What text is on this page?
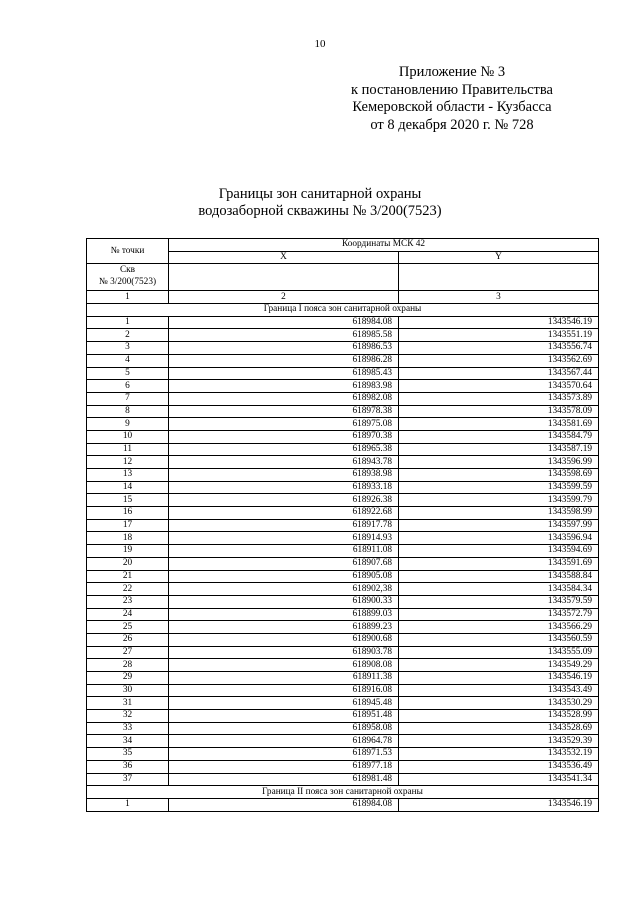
10
Приложение № 3
к постановлению Правительства
Кемеровской области - Кузбасса
от 8 декабря 2020 г. № 728
Границы зон санитарной охраны
водозаборной скважины № 3/200(7523)
№ точки	Координаты МСК 42	
	X	Y

Скв
№ 3/200(7523)		

1	2	3
Граница I пояса зон санитарной охраны		
1	618984.08	1343546.19
2	618985.58	1343551.19
3	618986.53	1343556.74
4	618986.28	1343562.69
5	618985.43	1343567.44
6	618983.98	1343570.64
7	618982.08	1343573.89
8	618978.38	1343578.09
9	618975.08	1343581.69
10	618970.38	1343584.79
11	618965.38	1343587.19
12	618943.78	1343596.99
13	618938.98	1343598.69
14	618933.18	1343599.59
15	618926.38	1343599.79
16	618922.68	1343598.99
17	618917.78	1343597.99
18	618914.93	1343596.94
19	618911.08	1343594.69
20	618907.68	1343591.69
21	618905.08	1343588.84
22	618902,38	1343584.34
23	618900.33	1343579.59
24	618899.03	1343572.79
25	618899.23	1343566.29
26	618900.68	1343560.59
27	618903.78	1343555.09
28	618908.08	1343549.29
29	618911.38	1343546.19
30	618916.08	1343543.49
31	618945.48	1343530.29
32	618951.48	1343528.99
33	618958.08	1343528.69
34	618964.78	1343529.39
35	618971.53	1343532.19
36	618977.18	1343536.49
37	618981.48	1343541.34
Граница II пояса зон санитарной охраны		
1	618984.08	1343546.19
